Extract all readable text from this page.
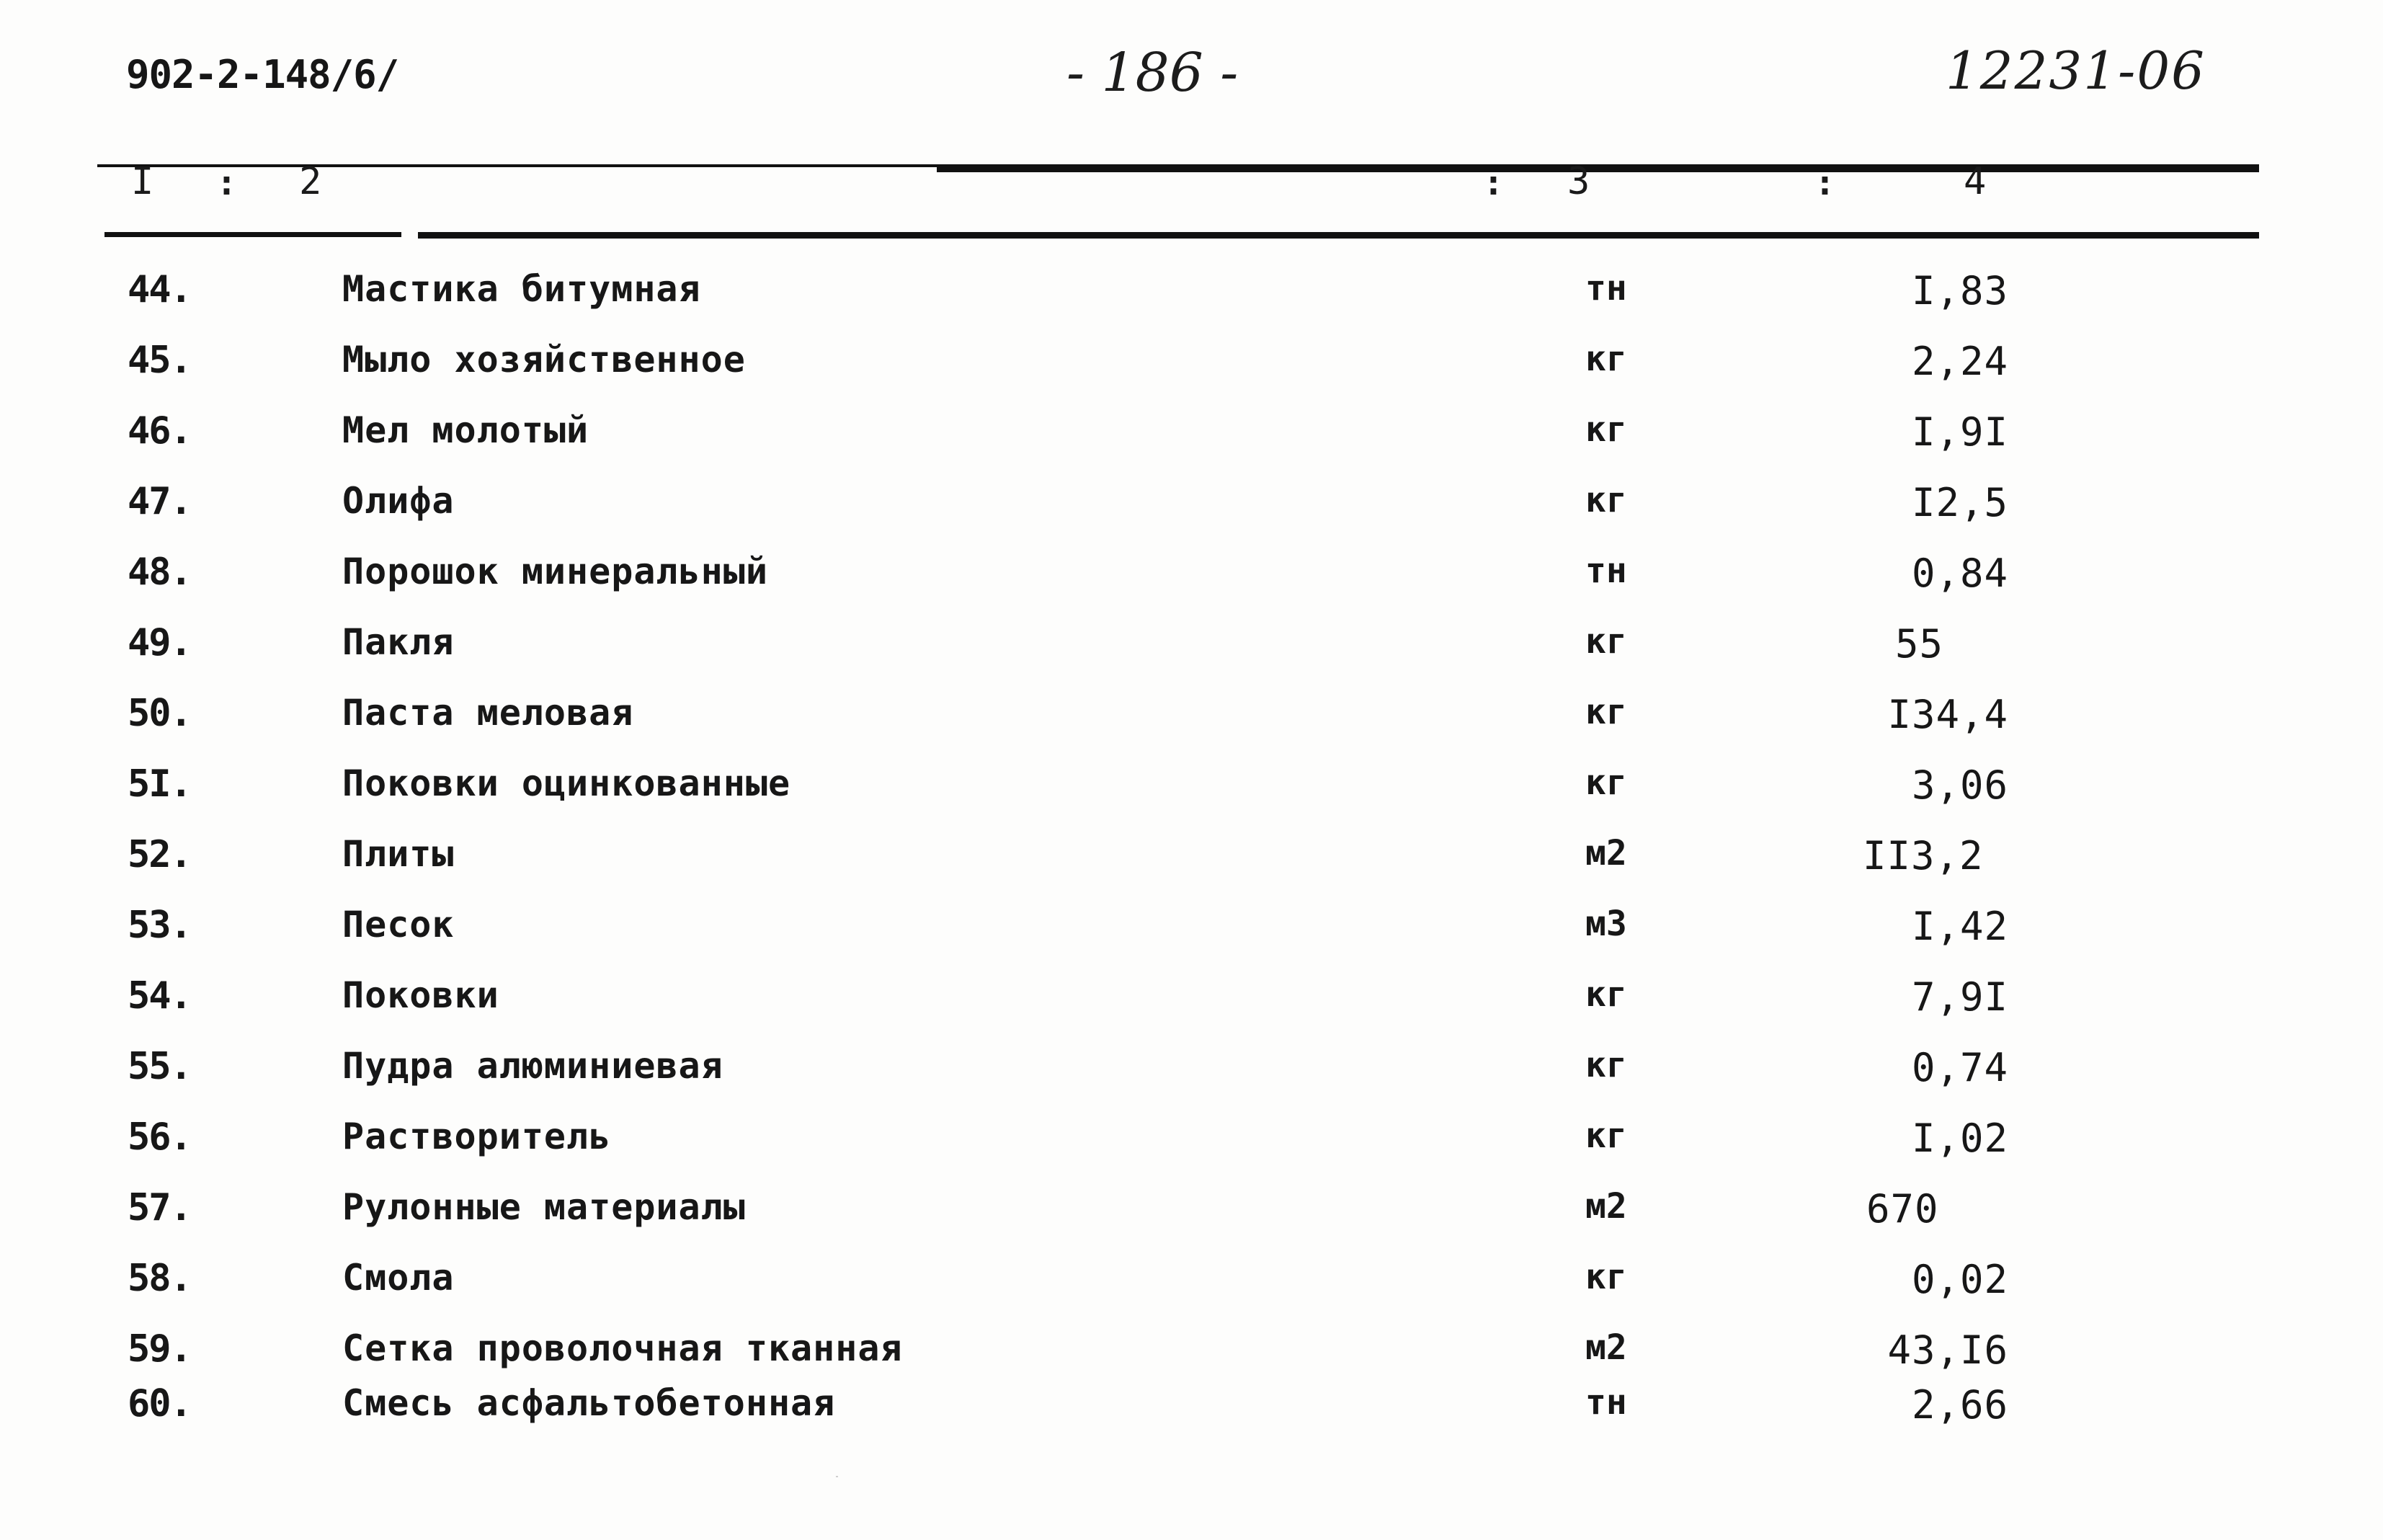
902-2-148/6/	- 186 -	12231-06
I : 2	: 3	:	4
44.	Мастика битумная	тн	I,83
45.	Мыло хозяйственное	кг	2,24
46.	Мел молотый	кг	I,9I
47.	Олифа	кг	I2,5
48.	Порошок минеральный	тн	0,84
49.	Пакля	кг	55
50.	Паста меловая	кг	I34,4
5I.	Поковки оцинкованные	кг	3,06
52.	Плиты	м2	II3,2
53.	Песок	м3	I,42
54.	Поковки	кг	7,9I
55.	Пудра алюминиевая	кг	0,74
56.	Растворитель	кг	I,02
57.	Рулонные материалы	м2	670
58.	Смола	кг	0,02
59.	Сетка проволочная тканная	м2	43,I6
60.	Смесь асфальтобетонная	тн	2,66
